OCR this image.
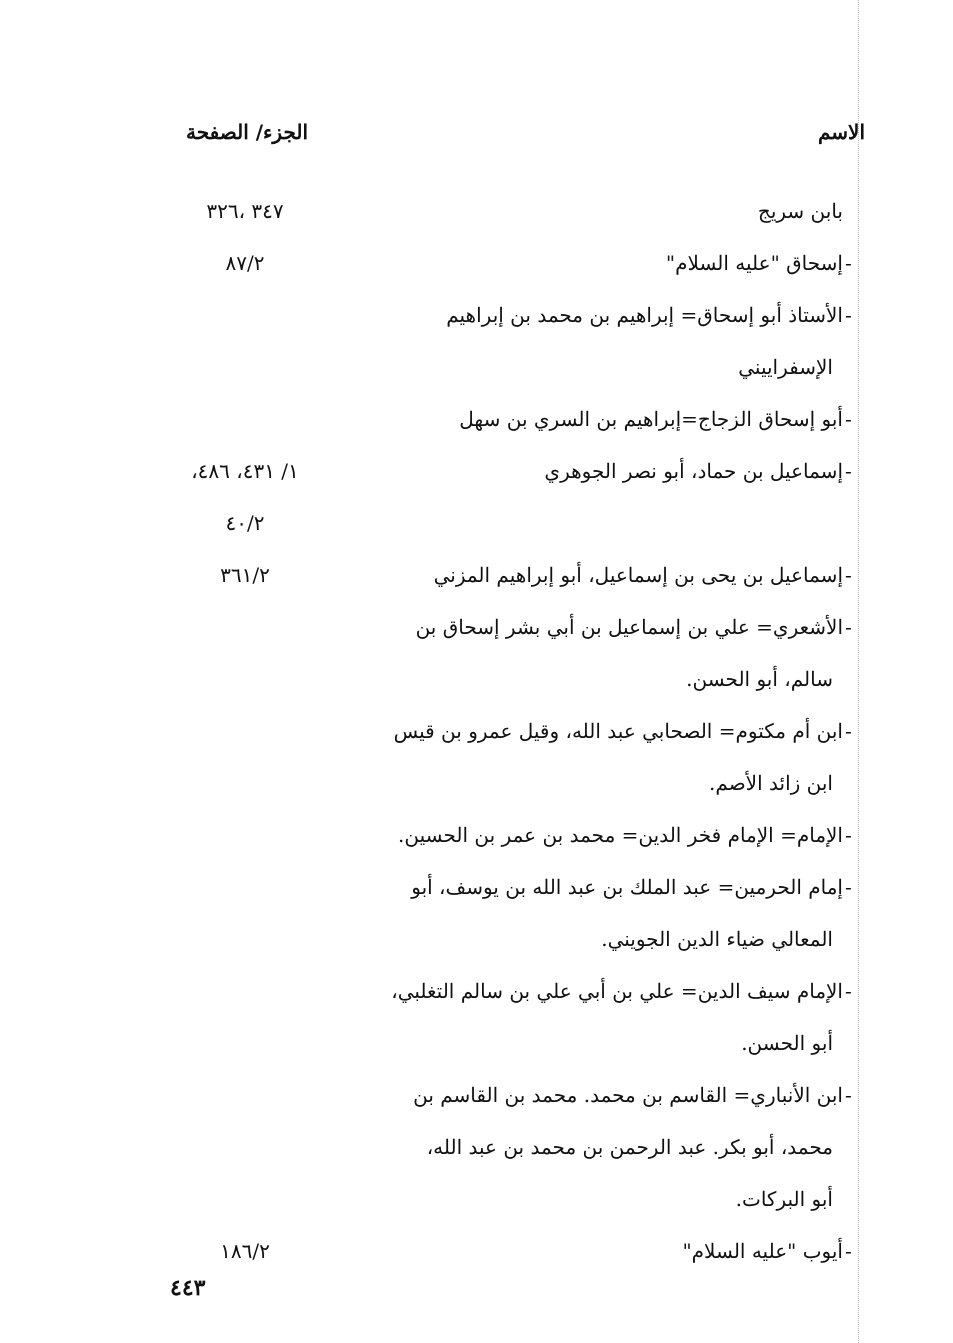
الاسم
الجزء/ الصفحة
بابن سريج
٣٤٧ ،٣٢٦
-
إسحاق "عليه السلام"
٨٧/٢
-
الأستاذ أبو إسحاق= إبراهيم بن محمد بن إبراهيم
الإسفراييني
-
أبو إسحاق الزجاج=إبراهيم بن السري بن سهل
-
إسماعيل بن حماد، أبو نصر الجوهري
١/ ٤٣١، ٤٨٦،
٤٠/٢
-
إسماعيل بن يحى بن إسماعيل، أبو إبراهيم المزني
٣٦١/٢
-
الأشعري= علي بن إسماعيل بن أبي بشر إسحاق بن
سالم، أبو الحسن.
-
ابن أم مكتوم= الصحابي عبد الله، وقيل عمرو بن قيس
ابن زائد الأصم.
-
الإمام= الإمام فخر الدين= محمد بن عمر بن الحسين.
-
إمام الحرمين= عبد الملك بن عبد الله بن يوسف، أبو
المعالي ضياء الدين الجويني.
-
الإمام سيف الدين= علي بن أبي علي بن سالم التغلبي،
أبو الحسن.
-
ابن الأنباري= القاسم بن محمد. محمد بن القاسم بن
محمد، أبو بكر. عبد الرحمن بن محمد بن عبد الله،
أبو البركات.
-
أيوب "عليه السلام"
١٨٦/٢
٤٤٣
